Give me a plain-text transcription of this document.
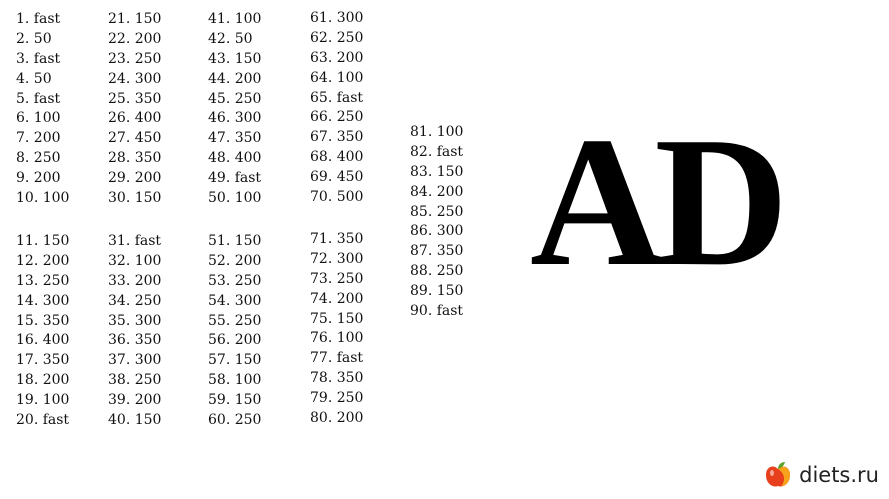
1. fast
2. 50
3. fast
4. 50
5. fast
6. 100
7. 200
8. 250
9. 200
10. 100
11. 150
12. 200
13. 250
14. 300
15. 350
16. 400
17. 350
18. 200
19. 100
20. fast
21. 150
22. 200
23. 250
24. 300
25. 350
26. 400
27. 450
28. 350
29. 200
30. 150
31. fast
32. 100
33. 200
34. 250
35. 300
36. 350
37. 300
38. 250
39. 200
40. 150
41. 100
42. 50
43. 150
44. 200
45. 250
46. 300
47. 350
48. 400
49. fast
50. 100
51. 150
52. 200
53. 250
54. 300
55. 250
56. 200
57. 150
58. 100
59. 150
60. 250
61. 300
62. 250
63. 200
64. 100
65. fast
66. 250
67. 350
68. 400
69. 450
70. 500
71. 350
72. 300
73. 250
74. 200
75. 150
76. 100
77. fast
78. 350
79. 250
80. 200
81. 100
82. fast
83. 150
84. 200
85. 250
86. 300
87. 350
88. 250
89. 150
90. fast
AD
diets.ru
